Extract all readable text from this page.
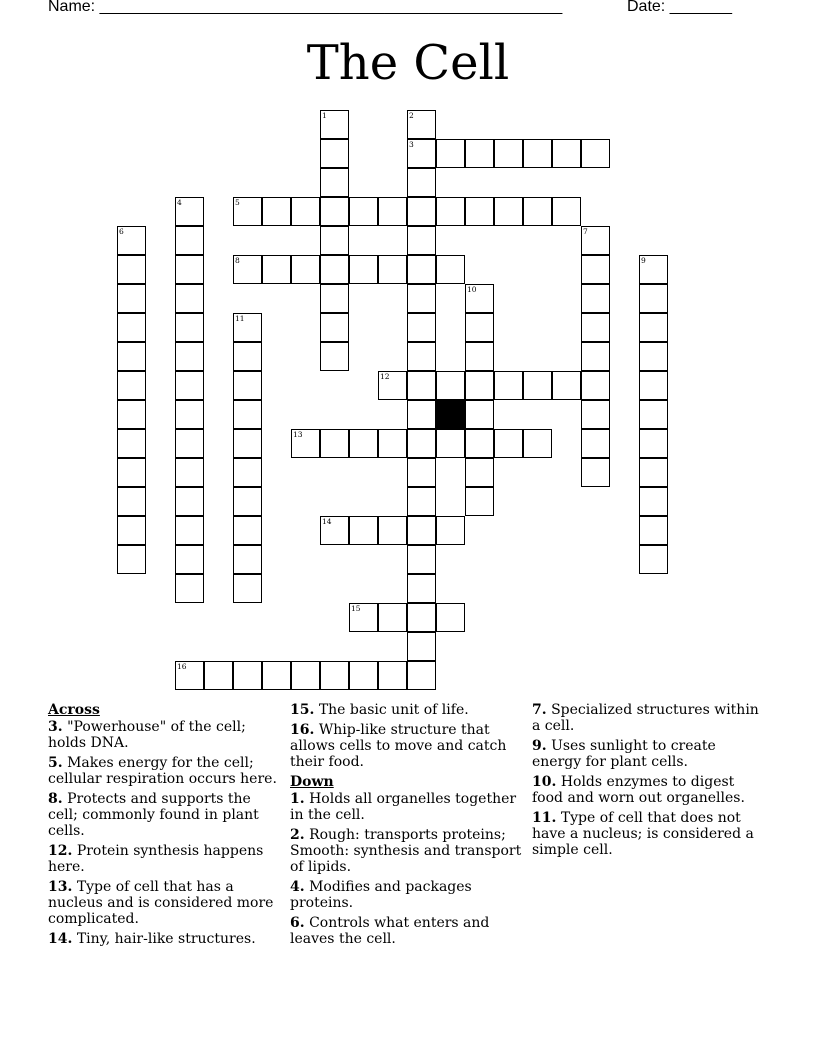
Name: ____________________________________________________	Date: _______
The Cell
3
5
8
12
13
14
15
16
1	2
4
6	7
9
10
11
Across
3. "Powerhouse" of the cell; holds DNA.
5. Makes energy for the cell; cellular respiration occurs here.
8. Protects and supports the cell; commonly found in plant cells.
12. Protein synthesis happens here.
13. Type of cell that has a nucleus and is considered more complicated.
14. Tiny, hair-like structures.
15. The basic unit of life.
16. Whip-like structure that allows cells to move and catch their food.
Down
1. Holds all organelles together in the cell.
2. Rough: transports proteins; Smooth: synthesis and transport of lipids.
4. Modifies and packages proteins.
6. Controls what enters and leaves the cell.
7. Specialized structures within a cell.
9. Uses sunlight to create energy for plant cells.
10. Holds enzymes to digest food and worn out organelles.
11. Type of cell that does not have a nucleus; is considered a simple cell.
